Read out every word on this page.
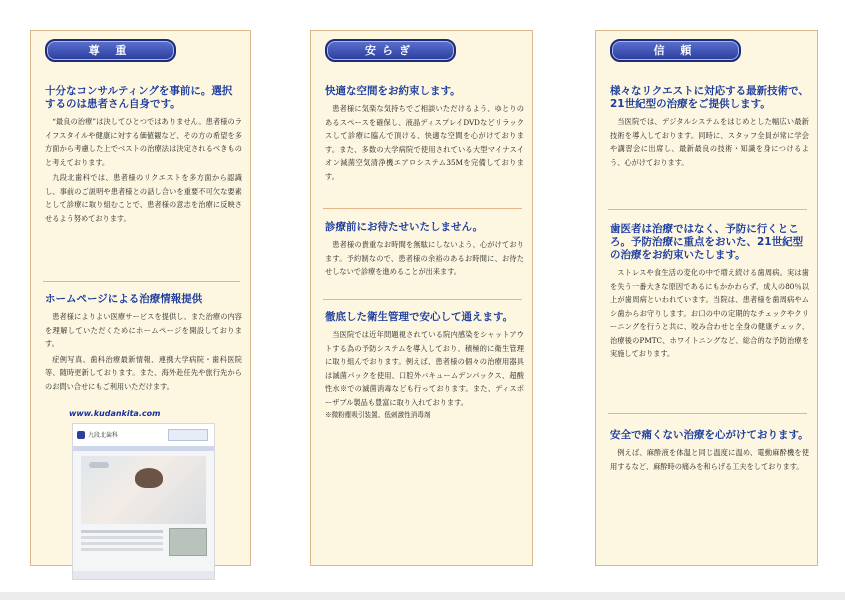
尊 重
十分なコンサルティングを事前に。選択するのは患者さん自身です。

“最良の治療”は決してひとつではありません。患者様のライフスタイルや健康に対する価値観など、その方の希望を多方面から考慮した上でベストの治療法は決定されるべきものと考えております。

九段北歯科では、患者様のリクエストを多方面から認識し、事前のご説明や患者様との話し合いを重要不可欠な要素として診療に取り組むことで、患者様の意志を治療に反映させるよう努めております。

ホームページによる治療情報提供

患者様によりよい医療サービスを提供し、また治療の内容を理解していただくためにホームページを開設しております。

症例写真、歯科治療最新情報、連携大学病院・歯科医院等、随時更新しております。また、海外赴任先や旅行先からのお問い合せにもご利用いただけます。

www.kudankita.com
九段北歯科
安らぎ
快適な空間をお約束します。

患者様に気楽な気持ちでご相談いただけるよう、ゆとりのあるスペースを確保し、液晶ディスプレイDVDなどリラックスして診療に臨んで頂ける、快適な空間を心がけております。また、多数の大学病院で使用されている大型マイナスイオン減菌空気清浄機エアロシステム35Mを完備しております。

診療前にお待たせいたしません。

患者様の貴重なお時間を無駄にしないよう、心がけております。予約制なので、患者様の余裕のあるお時間に、お待たせしないで診療を進めることが出来ます。

徹底した衛生管理で安心して通えます。

当医院では近年問題視されている院内感染をシャットアウトする為の予防システムを導入しており、積極的に衛生管理に取り組んでおります。例えば、患者様の個々の治療用器具は滅菌パックを使用、口腔外バキュームデンパックス、超酸性水※での滅菌消毒なども行っております。また、ディスポーザブル製品も豊富に取り入れております。

※微粉塵吸引装置、低刺激性消毒剤

信 頼
様々なリクエストに対応する最新技術で、21世紀型の治療をご提供します。

当医院では、デジタルシステムをはじめとした幅広い最新技術を導入しております。同時に、スタッフ全員が常に学会や講習会に出席し、最新最良の技術・知識を身につけるよう、心がけております。

歯医者は治療ではなく、予防に行くところ。予防治療に重点をおいた、21世紀型の治療をお約束いたします。

ストレスや食生活の変化の中で増え続ける歯周病。実は歯を失う一番大きな原因であるにもかかわらず、成人の80％以上が歯周病といわれています。当院は、患者様を歯周病やムシ歯からお守りします。お口の中の定期的なチェックやクリーニングを行うと共に、咬み合わせと全身の健康チェック、治療後のPMTC、ホワイトニングなど、総合的な予防治療を実施しております。

安全で痛くない治療を心がけております。

例えば、麻酔液を体温と同じ温度に温め、電動麻酔機を使用するなど、麻酔時の痛みを和らげる工夫をしております。
